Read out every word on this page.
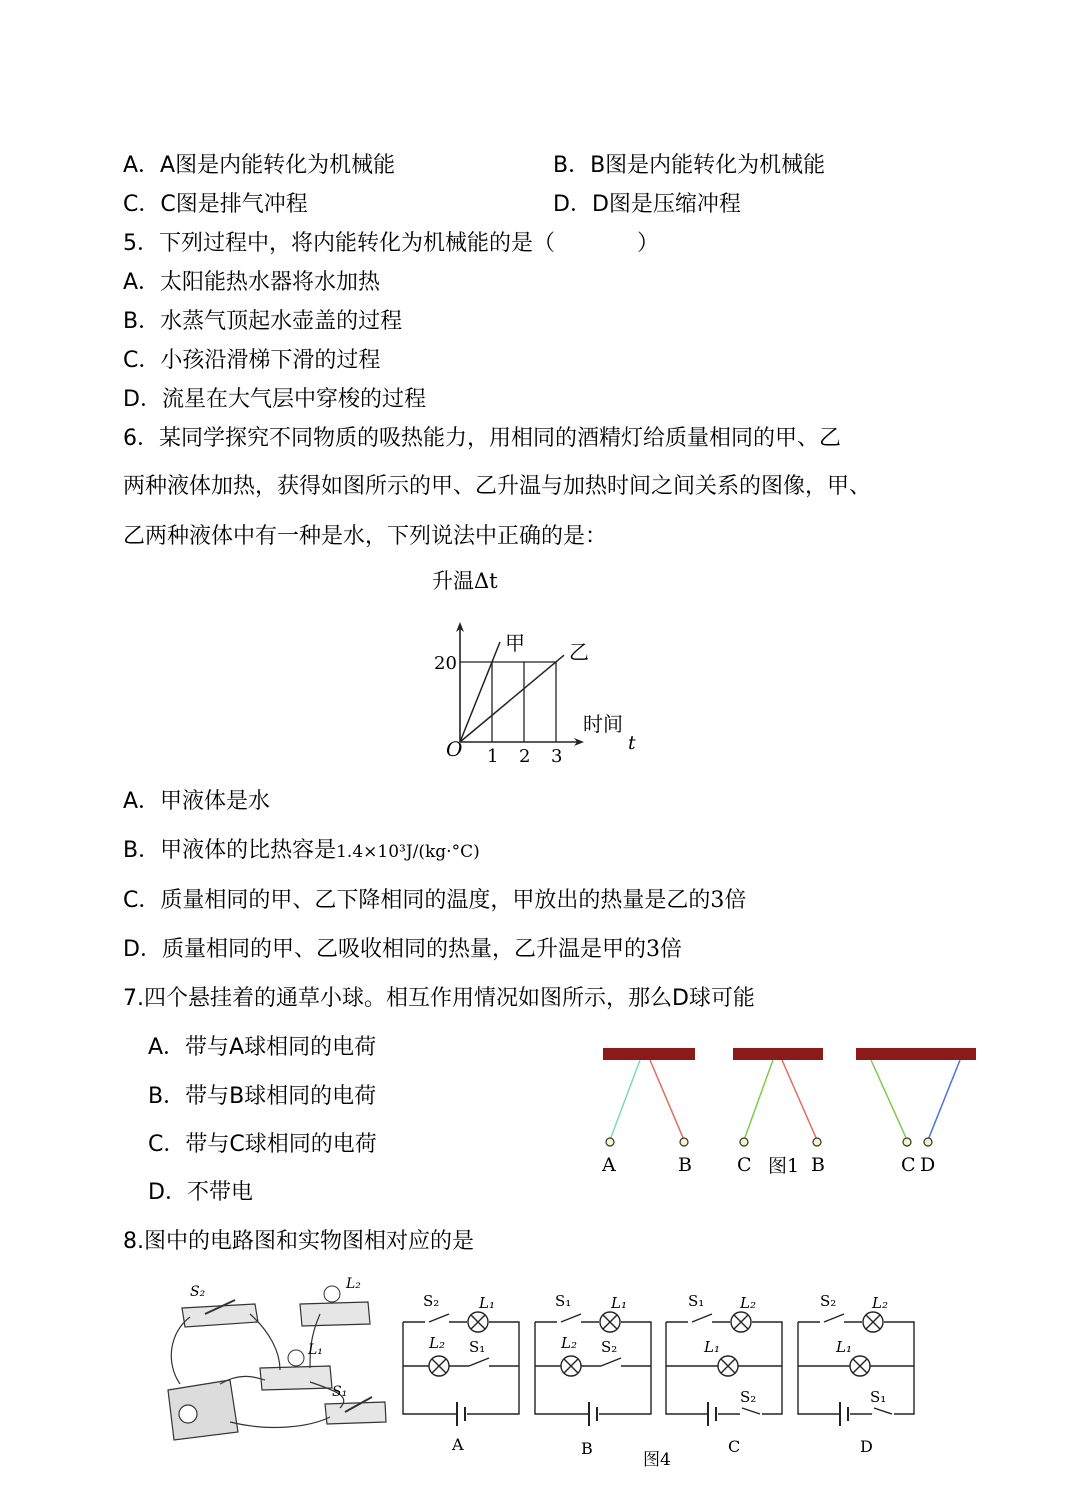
A．A图是内能转化为机械能	B．B图是内能转化为机械能
C．C图是排气冲程	D．D图是压缩冲程
5．下列过程中，将内能转化为机械能的是（	）
A．太阳能热水器将水加热
B．水蒸气顶起水壶盖的过程
C．小孩沿滑梯下滑的过程
D．流星在大气层中穿梭的过程
6．某同学探究不同物质的吸热能力，用相同的酒精灯给质量相同的甲、乙
两种液体加热，获得如图所示的甲、乙升温与加热时间之间关系的图像，甲、
乙两种液体中有一种是水，下列说法中正确的是：
升温Δt
时间
t
O
甲 乙
1 2 3
20
A．甲液体是水
B．甲液体的比热容是1.4×10³J/(kg·°C)
C．质量相同的甲、乙下降相同的温度，甲放出的热量是乙的3倍
D．质量相同的甲、乙吸收相同的热量，乙升温是甲的3倍
7.四个悬挂着的通草小球。相互作用情况如图所示，那么D球可能
A．带与A球相同的电荷
B．带与B球相同的电荷
C．带与C球相同的电荷
D．不带电
A	B C 图1 B	C D
8.图中的电路图和实物图相对应的是
S₂	L₂
L₁
S₁
S₂	L₁
L₂ S₁
A
S₁	L₁
L₂ S₂
B
S₁ L₂
L₁
S₂
C
S₂ L₂
L₁
S₁
D
图4
